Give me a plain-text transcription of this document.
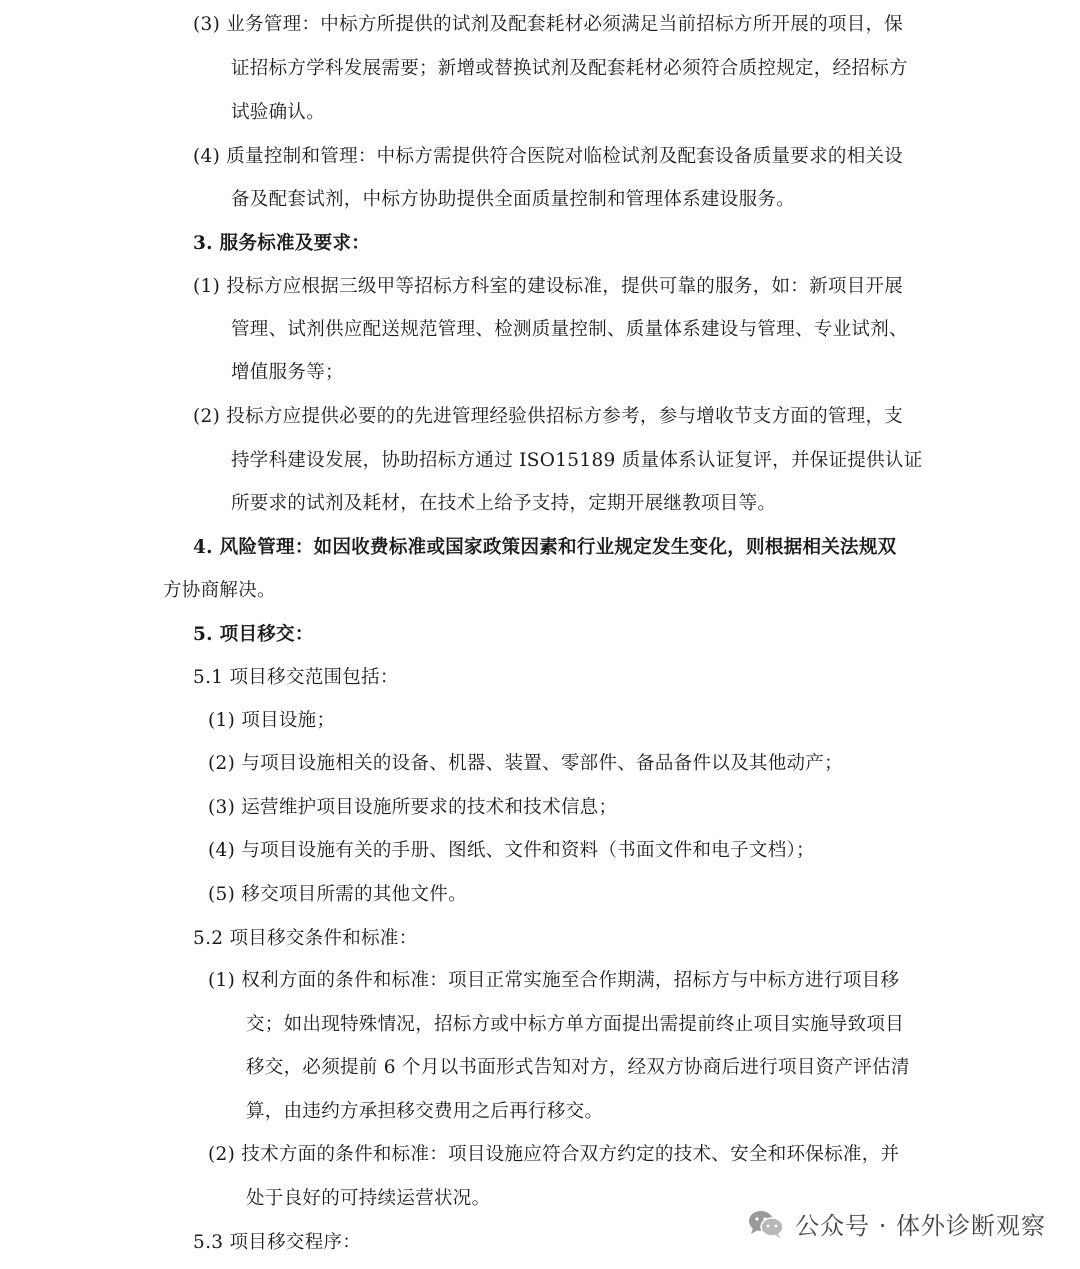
(3) 业务管理：中标方所提供的试剂及配套耗材必须满足当前招标方所开展的项目，保
证招标方学科发展需要；新增或替换试剂及配套耗材必须符合质控规定，经招标方
试验确认。
(4) 质量控制和管理：中标方需提供符合医院对临检试剂及配套设备质量要求的相关设
备及配套试剂，中标方协助提供全面质量控制和管理体系建设服务。
3. 服务标准及要求：
(1) 投标方应根据三级甲等招标方科室的建设标准，提供可靠的服务，如：新项目开展
管理、试剂供应配送规范管理、检测质量控制、质量体系建设与管理、专业试剂、
增值服务等；
(2) 投标方应提供必要的的先进管理经验供招标方参考，参与增收节支方面的管理，支
持学科建设发展，协助招标方通过 ISO15189 质量体系认证复评，并保证提供认证
所要求的试剂及耗材，在技术上给予支持，定期开展继教项目等。
4. 风险管理：如因收费标准或国家政策因素和行业规定发生变化，则根据相关法规双
方协商解决。
5. 项目移交：
5.1 项目移交范围包括：
(1) 项目设施；
(2) 与项目设施相关的设备、机器、装置、零部件、备品备件以及其他动产；
(3) 运营维护项目设施所要求的技术和技术信息；
(4) 与项目设施有关的手册、图纸、文件和资料（书面文件和电子文档）；
(5) 移交项目所需的其他文件。
5.2 项目移交条件和标准：
(1) 权利方面的条件和标准：项目正常实施至合作期满，招标方与中标方进行项目移
交；如出现特殊情况，招标方或中标方单方面提出需提前终止项目实施导致项目
移交，必须提前 6 个月以书面形式告知对方，经双方协商后进行项目资产评估清
算，由违约方承担移交费用之后再行移交。
(2) 技术方面的条件和标准：项目设施应符合双方约定的技术、安全和环保标准，并
处于良好的可持续运营状况。
5.3 项目移交程序：
公众号 · 体外诊断观察
